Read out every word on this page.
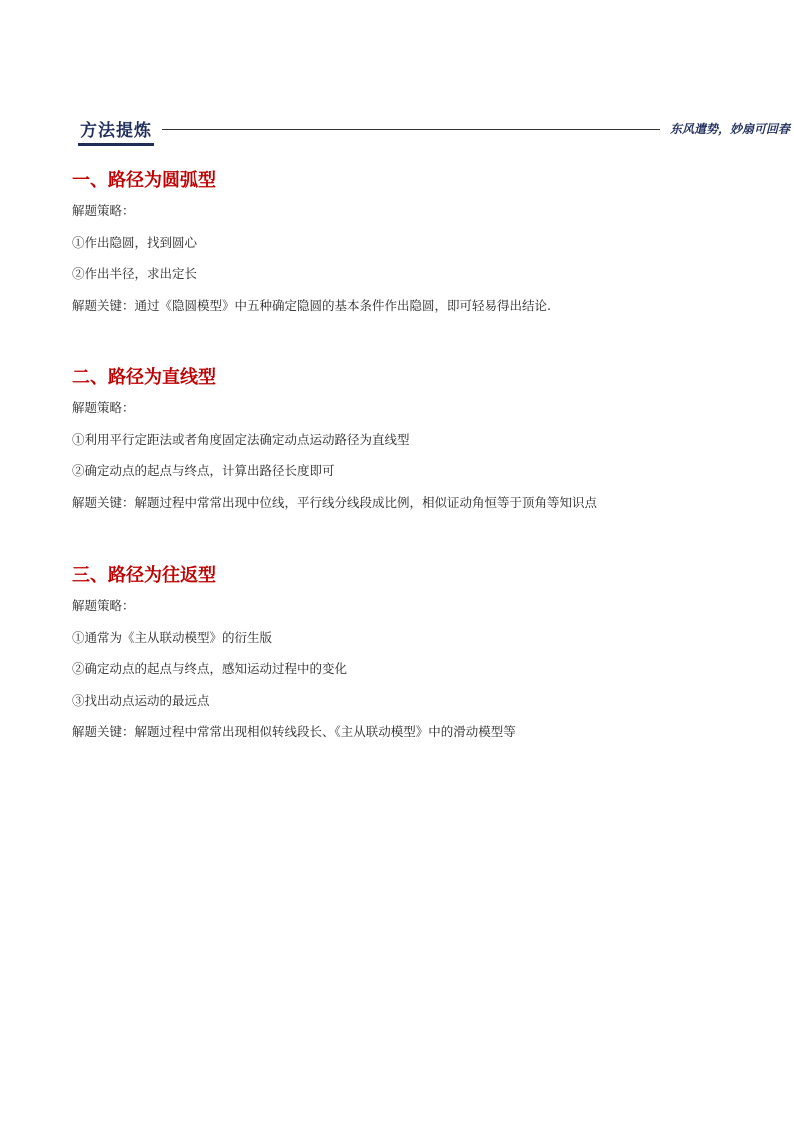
方法提炼	东风遣势，妙扇可回春
一、路径为圆弧型
解题策略：
①作出隐圆，找到圆心
②作出半径，求出定长
解题关键：通过《隐圆模型》中五种确定隐圆的基本条件作出隐圆，即可轻易得出结论.
二、路径为直线型
解题策略：
①利用平行定距法或者角度固定法确定动点运动路径为直线型
②确定动点的起点与终点，计算出路径长度即可
解题关键：解题过程中常常出现中位线，平行线分线段成比例，相似证动角恒等于顶角等知识点
三、路径为往返型
解题策略：
①通常为《主从联动模型》的衍生版
②确定动点的起点与终点，感知运动过程中的变化
③找出动点运动的最远点
解题关键：解题过程中常常出现相似转线段长、《主从联动模型》中的滑动模型等
